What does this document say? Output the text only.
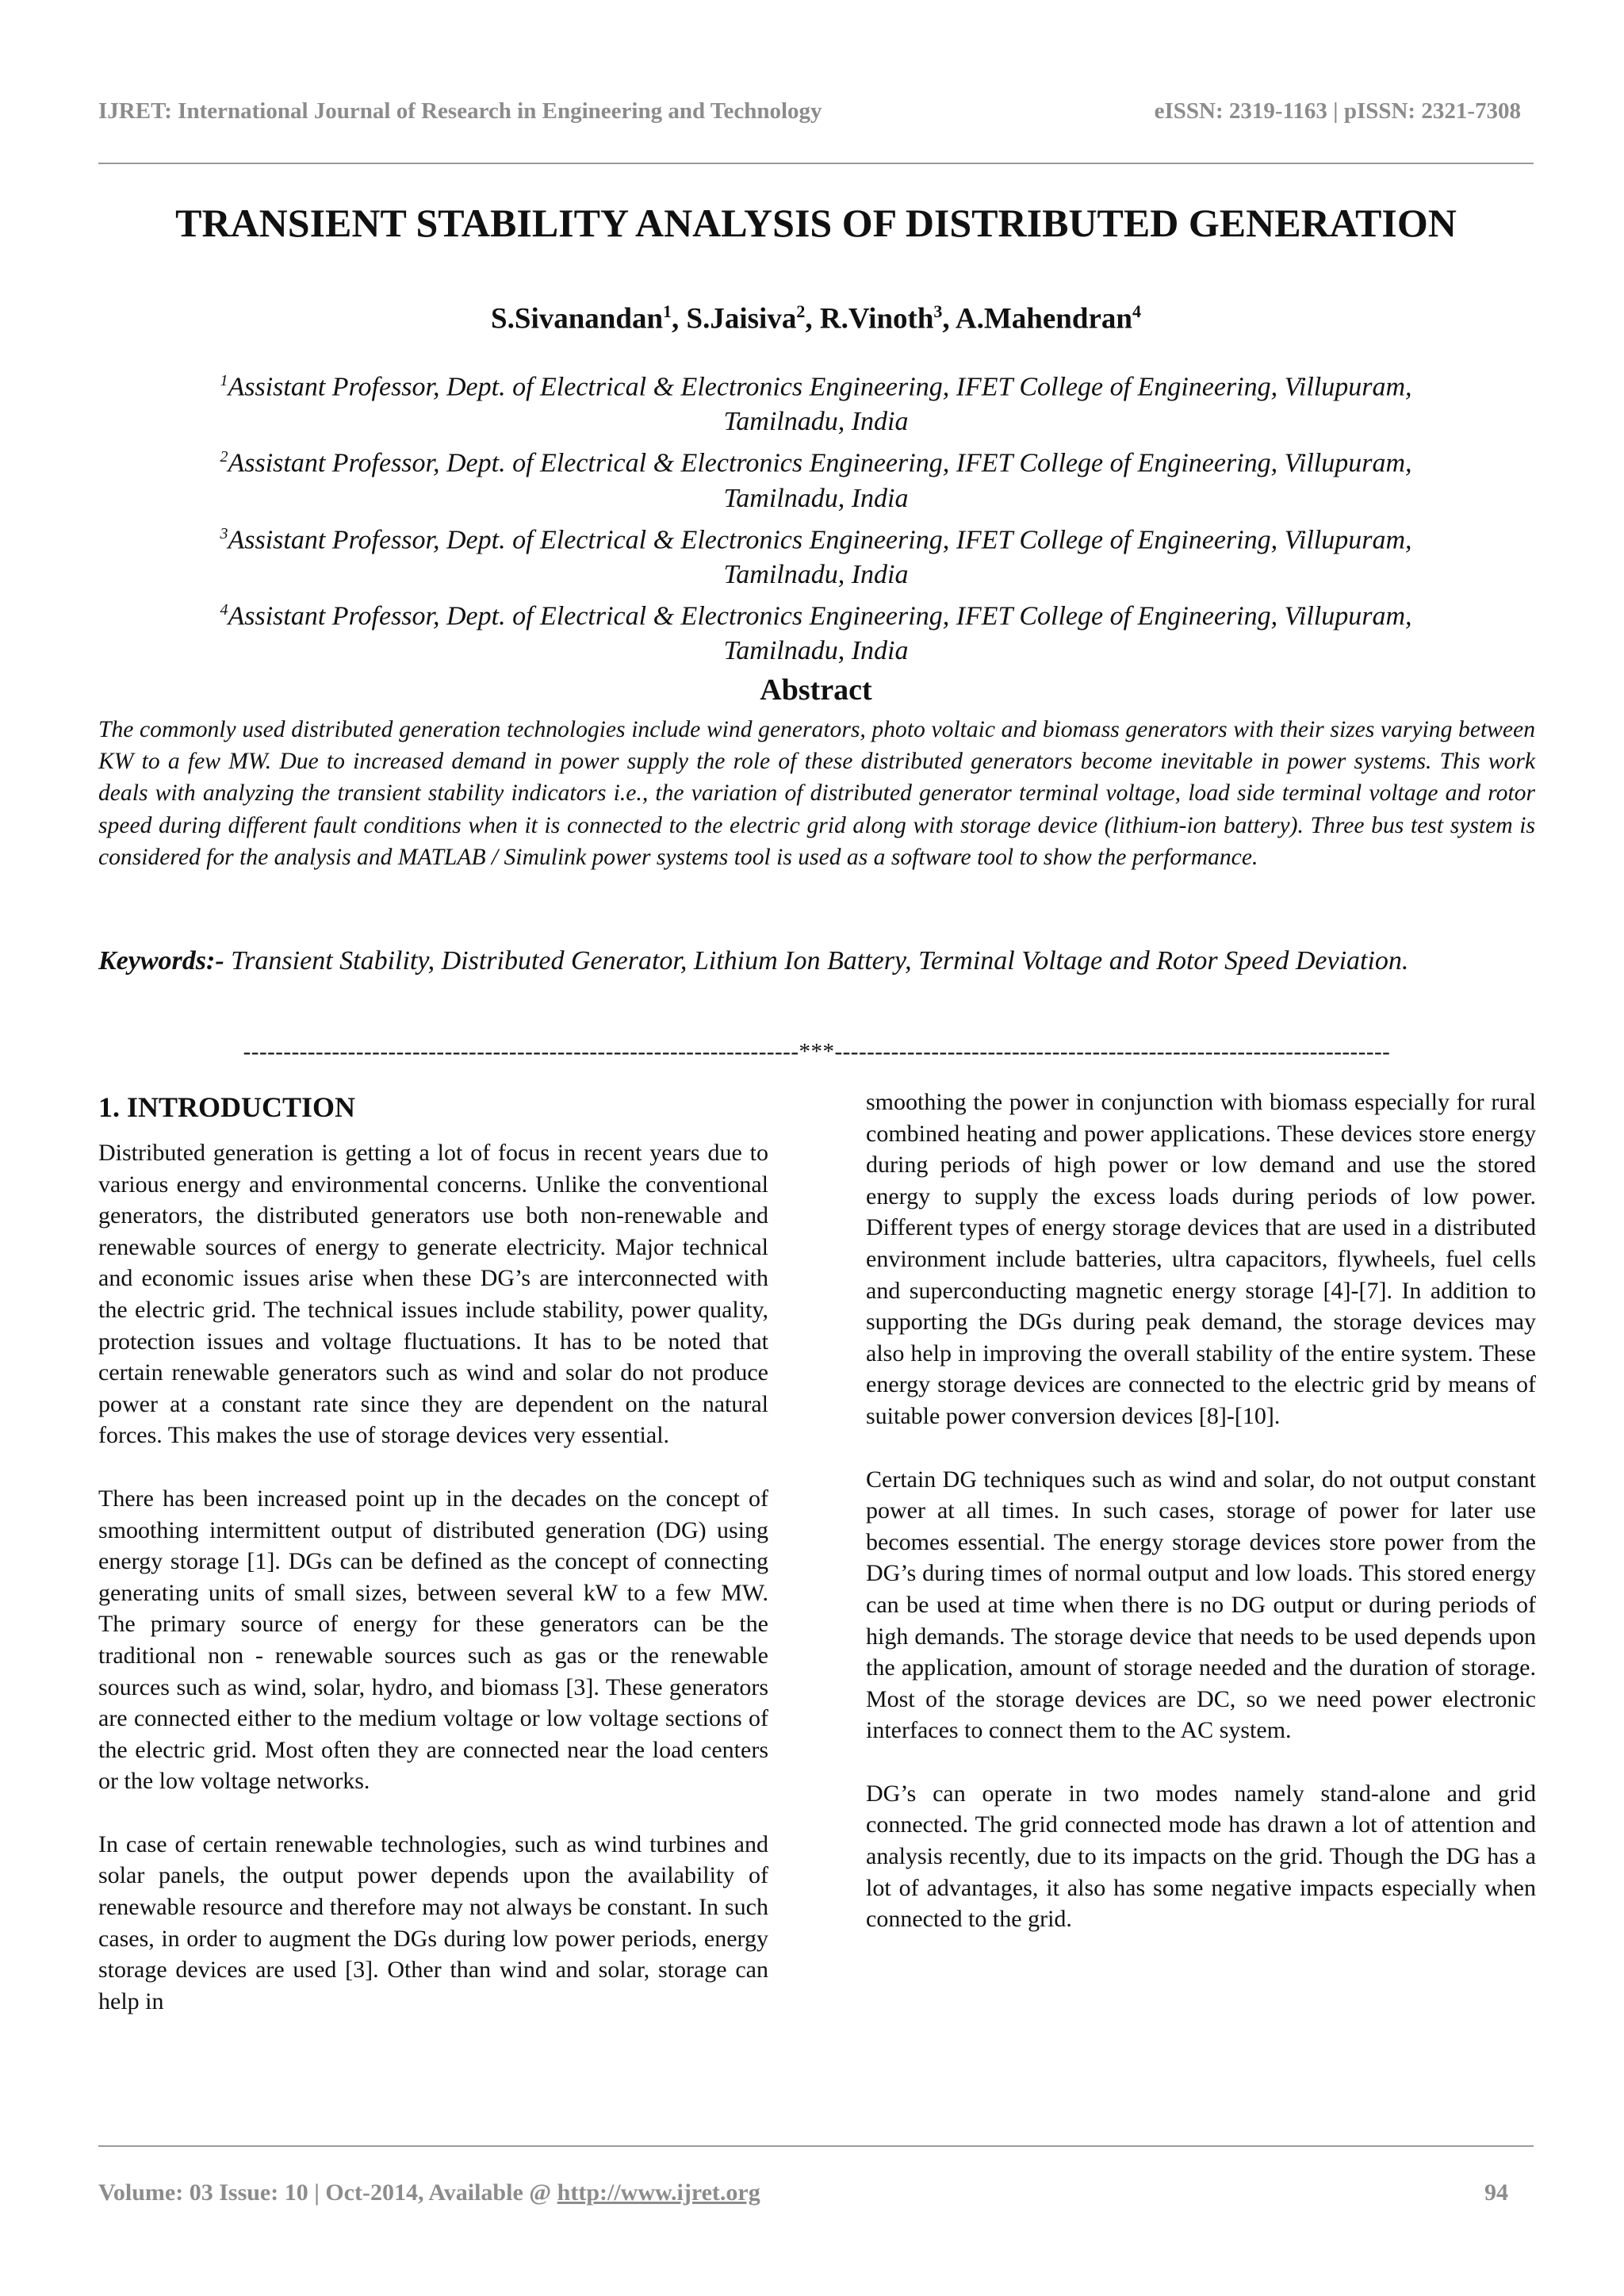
IJRET: International Journal of Research in Engineering and Technology	eISSN: 2319-1163 | pISSN: 2321-7308
TRANSIENT STABILITY ANALYSIS OF DISTRIBUTED GENERATION
S.Sivanandan$^1$, S.Jaisiva$^2$, R.Vinoth$^3$, A.Mahendran$^4$
$^1$Assistant Professor, Dept. of Electrical & Electronics Engineering, IFET College of Engineering, Villupuram,
Tamilnadu, India
$^2$Assistant Professor, Dept. of Electrical & Electronics Engineering, IFET College of Engineering, Villupuram,
Tamilnadu, India
$^3$Assistant Professor, Dept. of Electrical & Electronics Engineering, IFET College of Engineering, Villupuram,
Tamilnadu, India
$^4$Assistant Professor, Dept. of Electrical & Electronics Engineering, IFET College of Engineering, Villupuram,
Tamilnadu, India
Abstract
The commonly used distributed generation technologies include wind generators, photo voltaic and biomass generators with their sizes varying between KW to a few MW. Due to increased demand in power supply the role of these distributed generators become inevitable in power systems. This work deals with analyzing the transient stability indicators i.e., the variation of distributed generator terminal voltage, load side terminal voltage and rotor speed during different fault conditions when it is connected to the electric grid along with storage device (lithium-ion battery). Three bus test system is considered for the analysis and MATLAB / Simulink power systems tool is used as a software tool to show the performance.
Keywords:- Transient Stability, Distributed Generator, Lithium Ion Battery, Terminal Voltage and Rotor Speed Deviation.
---------------------------------------------------------------------***---------------------------------------------------------------------
1. INTRODUCTION

Distributed generation is getting a lot of focus in recent years due to various energy and environmental concerns. Unlike the conventional generators, the distributed generators use both non-renewable and renewable sources of energy to generate electricity. Major technical and economic issues arise when these DG’s are interconnected with the electric grid. The technical issues include stability, power quality, protection issues and voltage fluctuations. It has to be noted that certain renewable generators such as wind and solar do not produce power at a constant rate since they are dependent on the natural forces. This makes the use of storage devices very essential.

There has been increased point up in the decades on the concept of smoothing intermittent output of distributed generation (DG) using energy storage [1]. DGs can be defined as the concept of connecting generating units of small sizes, between several kW to a few MW. The primary source of energy for these generators can be the traditional non - renewable sources such as gas or the renewable sources such as wind, solar, hydro, and biomass [3]. These generators are connected either to the medium voltage or low voltage sections of the electric grid. Most often they are connected near the load centers or the low voltage networks.

In case of certain renewable technologies, such as wind turbines and solar panels, the output power depends upon the availability of renewable resource and therefore may not always be constant. In such cases, in order to augment the DGs during low power periods, energy storage devices are used [3]. Other than wind and solar, storage can help in

smoothing the power in conjunction with biomass especially for rural combined heating and power applications. These devices store energy during periods of high power or low demand and use the stored energy to supply the excess loads during periods of low power. Different types of energy storage devices that are used in a distributed environment include batteries, ultra capacitors, flywheels, fuel cells and superconducting magnetic energy storage [4]-[7]. In addition to supporting the DGs during peak demand, the storage devices may also help in improving the overall stability of the entire system. These energy storage devices are connected to the electric grid by means of suitable power conversion devices [8]-[10].

Certain DG techniques such as wind and solar, do not output constant power at all times. In such cases, storage of power for later use becomes essential. The energy storage devices store power from the DG’s during times of normal output and low loads. This stored energy can be used at time when there is no DG output or during periods of high demands. The storage device that needs to be used depends upon the application, amount of storage needed and the duration of storage. Most of the storage devices are DC, so we need power electronic interfaces to connect them to the AC system.

DG’s can operate in two modes namely stand-alone and grid connected. The grid connected mode has drawn a lot of attention and analysis recently, due to its impacts on the grid. Though the DG has a lot of advantages, it also has some negative impacts especially when connected to the grid.

Volume: 03 Issue: 10 | Oct-2014, Available @ http://www.ijret.org	94
